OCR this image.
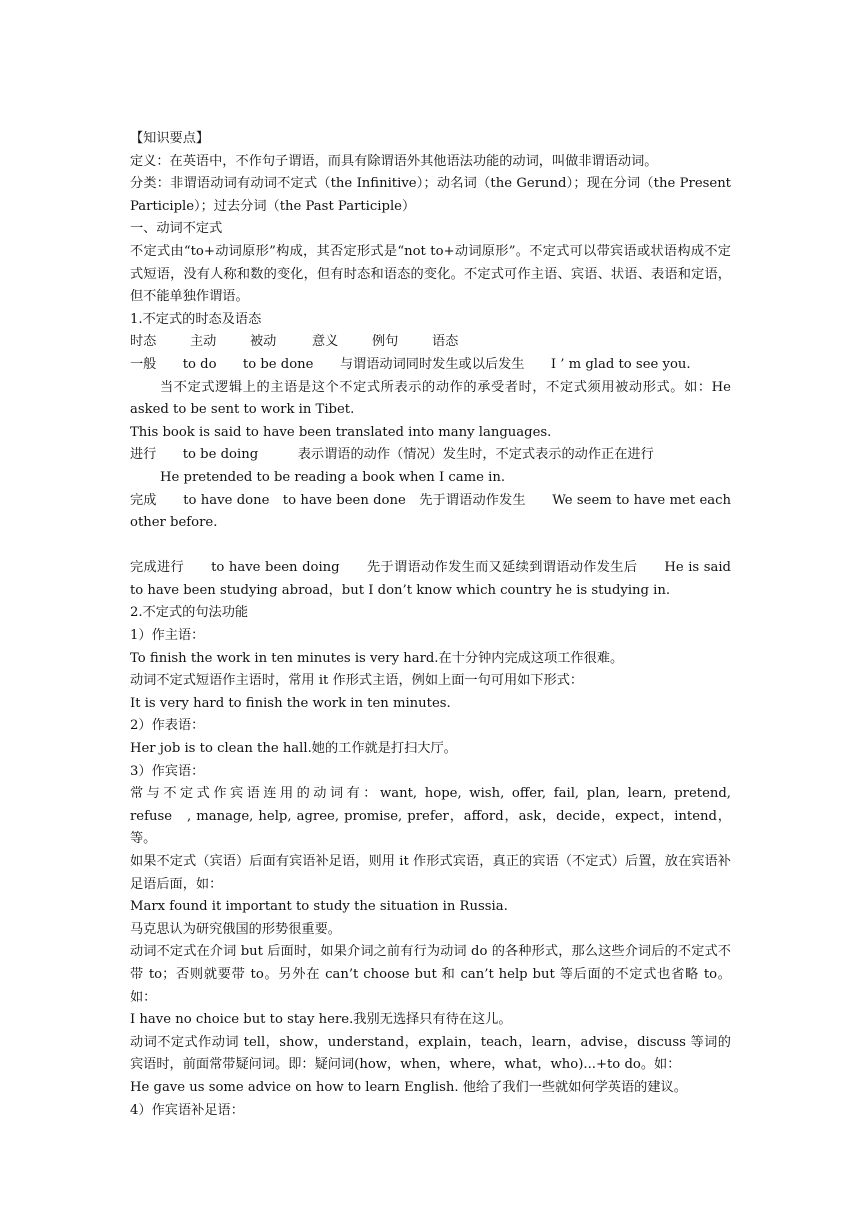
【知识要点】

定义：在英语中，不作句子谓语，而具有除谓语外其他语法功能的动词，叫做非谓语动词。

分类：非谓语动词有动词不定式（the Infinitive）；动名词（the Gerund）；现在分词（the Present Participle）；过去分词（the Past Participle）

一、动词不定式

不定式由“to+动词原形”构成，其否定形式是“not to+动词原形”。不定式可以带宾语或状语构成不定式短语，没有人称和数的变化，但有时态和语态的变化。不定式可作主语、宾语、状语、表语和定语，但不能单独作谓语。

1.不定式的时态及语态

时态	主动	被动	意义	例句	语态

一般　　to do　　to be done　　与谓语动词同时发生或以后发生　　I ’ m glad to see you.

当不定式逻辑上的主语是这个不定式所表示的动作的承受者时，不定式须用被动形式。如：He asked to be sent to work in Tibet.

This book is said to have been translated into many languages.

进行　　to be doing　　　表示谓语的动作（情况）发生时，不定式表示的动作正在进行

He pretended to be reading a book when I came in.

完成　　to have done　to have been done　先于谓语动作发生　　We seem to have met each other before.

完成进行　　to have been doing　　先于谓语动作发生而又延续到谓语动作发生后　　He is said to have been studying abroad，but I don’t know which country he is studying in.

2.不定式的句法功能

1）作主语：

To finish the work in ten minutes is very hard.在十分钟内完成这项工作很难。

动词不定式短语作主语时，常用 it 作形式主语，例如上面一句可用如下形式：

It is very hard to finish the work in ten minutes.

2）作表语：

Her job is to clean the hall.她的工作就是打扫大厅。

3）作宾语：

常与不定式作宾语连用的动词有：want, hope, wish, offer, fail, plan, learn, pretend,　 refuse　, manage, help, agree, promise, prefer，afford，ask，decide，expect，intend，等。

如果不定式（宾语）后面有宾语补足语，则用 it 作形式宾语，真正的宾语（不定式）后置，放在宾语补足语后面，如：

Marx found it important to study the situation in Russia.

马克思认为研究俄国的形势很重要。

动词不定式在介词 but 后面时，如果介词之前有行为动词 do 的各种形式，那么这些介词后的不定式不带 to；否则就要带 to。另外在 can’t choose but 和 can’t help but 等后面的不定式也省略 to。如：

I have no choice but to stay here.我别无选择只有待在这儿。

动词不定式作动词 tell，show，understand，explain，teach，learn，advise，discuss 等词的宾语时，前面常带疑问词。即：疑问词(how，when，where，what，who)...+to do。如：

He gave us some advice on how to learn English. 他给了我们一些就如何学英语的建议。

4）作宾语补足语：
